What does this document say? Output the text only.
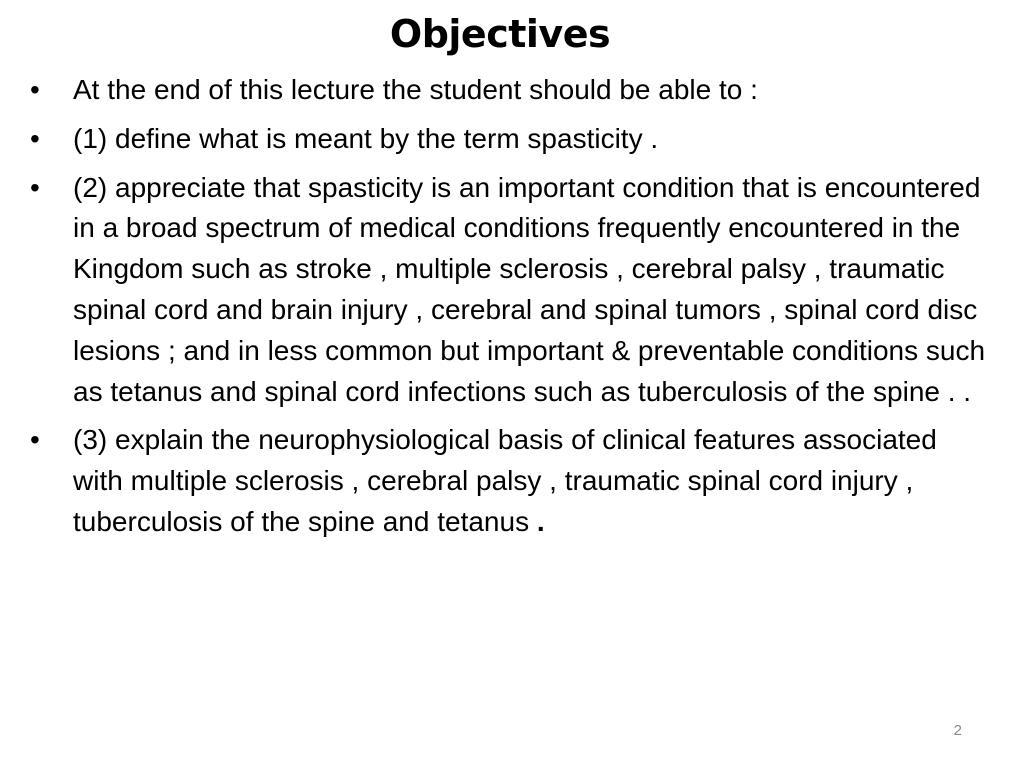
Objectives
•	At the end of this lecture the student should be able to :
•	(1) define what is meant by the term spasticity .
•	(2) appreciate that spasticity is an important condition that is encountered in a broad spectrum of medical conditions frequently encountered in the Kingdom such as stroke , multiple sclerosis , cerebral palsy , traumatic spinal cord and brain injury , cerebral and spinal tumors , spinal cord disc lesions ; and in less common but important & preventable conditions such as tetanus and spinal cord infections such as tuberculosis of the spine . .
•	(3) explain the neurophysiological basis of clinical features associated with multiple sclerosis , cerebral palsy , traumatic spinal cord injury , tuberculosis of the spine and tetanus .
2
